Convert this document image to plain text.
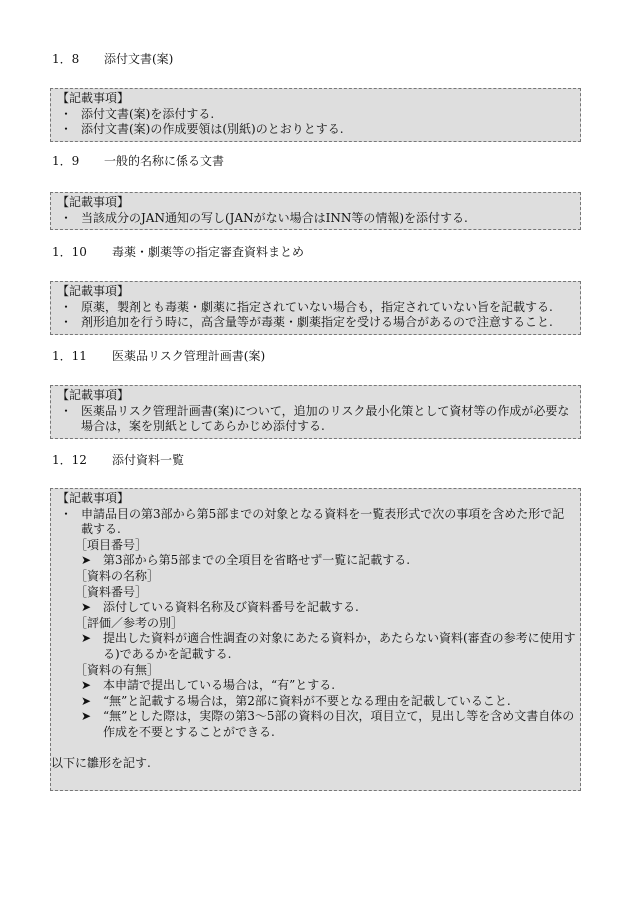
1．8 添付文書(案)
【記載事項】
・ 添付文書(案)を添付する.
・ 添付文書(案)の作成要領は(別紙)のとおりとする.
1．9 一般的名称に係る文書
【記載事項】
・ 当該成分のJAN通知の写し(JANがない場合はINN等の情報)を添付する.
1．10 毒薬・劇薬等の指定審査資料まとめ
【記載事項】
・ 原薬，製剤とも毒薬・劇薬に指定されていない場合も，指定されていない旨を記載する.
・ 剤形追加を行う時に，高含量等が毒薬・劇薬指定を受ける場合があるので注意すること.
1．11 医薬品リスク管理計画書(案)
【記載事項】
・ 医薬品リスク管理計画書(案)について，追加のリスク最小化策として資材等の作成が必要な場合は，案を別紙としてあらかじめ添付する.
1．12 添付資料一覧
【記載事項】
・ 申請品目の第3部から第5部までの対象となる資料を一覧表形式で次の事項を含めた形で記載する.
［項目番号］
➤ 第3部から第5部までの全項目を省略せず一覧に記載する.
［資料の名称］
［資料番号］
➤ 添付している資料名称及び資料番号を記載する.
［評価／参考の別］
➤ 提出した資料が適合性調査の対象にあたる資料か，あたらない資料(審査の参考に使用する)であるかを記載する.
［資料の有無］
➤ 本申請で提出している場合は，“有”とする.
➤ “無”と記載する場合は，第2部に資料が不要となる理由を記載していること.
➤ “無”とした際は，実際の第3～5部の資料の目次，項目立て，見出し等を含め文書自体の作成を不要とすることができる.
以下に雛形を記す.
